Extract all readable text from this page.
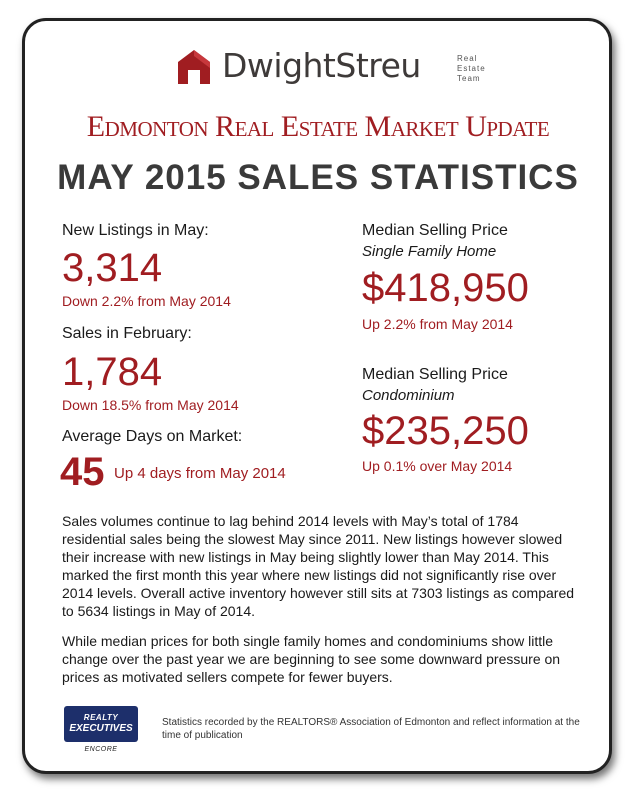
DwightStreu	Real
Estate
Team
Edmonton Real Estate Market Update
MAY 2015 SALES STATISTICS
New Listings in May:
3,314
Down 2.2% from May 2014
Sales in February:
1,784
Down 18.5% from May 2014
Average Days on Market:
45 Up 4 days from May 2014
Median Selling Price
Single Family Home
$418,950
Up 2.2% from May 2014
Median Selling Price
Condominium
$235,250
Up 0.1% over May 2014
Sales volumes continue to lag behind 2014 levels with May’s total of 1784 residential sales being the slowest May since 2011. New listings however slowed their increase with new listings in May being slightly lower than May 2014. This marked the first month this year where new listings did not significantly rise over 2014 levels. Overall active inventory however still sits at 7303 listings as compared to 5634 listings in May of 2014.
While median prices for both single family homes and condominiums show little change over the past year we are beginning to see some downward pressure on prices as motivated sellers compete for fewer buyers.
REALTY
EXECUTIVES
ENCORE
Statistics recorded by the REALTORS® Association of Edmonton and reflect information at the time of publication
